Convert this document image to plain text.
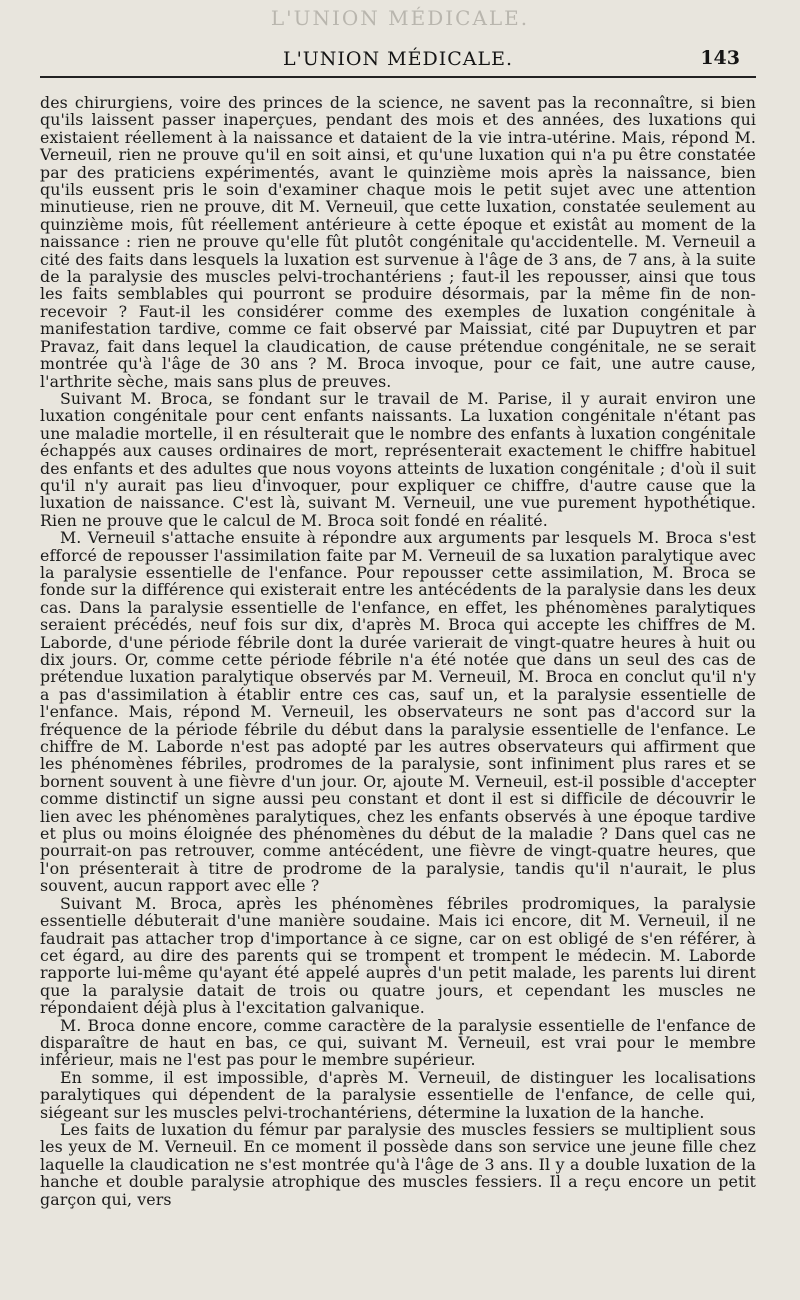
L'UNION MÉDICALE.
L'UNION MÉDICALE.	143

des chirurgiens, voire des princes de la science, ne savent pas la reconnaître, si bien qu'ils laissent passer inaperçues, pendant des mois et des années, des luxations qui existaient réellement à la naissance et dataient de la vie intra-utérine. Mais, répond M. Verneuil, rien ne prouve qu'il en soit ainsi, et qu'une luxation qui n'a pu être constatée par des praticiens expérimentés, avant le quinzième mois après la naissance, bien qu'ils eussent pris le soin d'examiner chaque mois le petit sujet avec une attention minutieuse, rien ne prouve, dit M. Verneuil, que cette luxation, constatée seulement au quinzième mois, fût réellement antérieure à cette époque et existât au moment de la naissance : rien ne prouve qu'elle fût plutôt congénitale qu'accidentelle. M. Verneuil a cité des faits dans lesquels la luxation est survenue à l'âge de 3 ans, de 7 ans, à la suite de la paralysie des muscles pelvi-trochantériens ; faut-il les repousser, ainsi que tous les faits semblables qui pourront se produire désormais, par la même fin de non-recevoir ? Faut-il les considérer comme des exemples de luxation congénitale à manifestation tardive, comme ce fait observé par Maissiat, cité par Dupuytren et par Pravaz, fait dans lequel la claudication, de cause prétendue congénitale, ne se serait montrée qu'à l'âge de 30 ans ? M. Broca invoque, pour ce fait, une autre cause, l'arthrite sèche, mais sans plus de preuves.

Suivant M. Broca, se fondant sur le travail de M. Parise, il y aurait environ une luxation congénitale pour cent enfants naissants. La luxation congénitale n'étant pas une maladie mortelle, il en résulterait que le nombre des enfants à luxation congénitale échappés aux causes ordinaires de mort, représenterait exactement le chiffre habituel des enfants et des adultes que nous voyons atteints de luxation congénitale ; d'où il suit qu'il n'y aurait pas lieu d'invoquer, pour expliquer ce chiffre, d'autre cause que la luxation de naissance. C'est là, suivant M. Verneuil, une vue purement hypothétique. Rien ne prouve que le calcul de M. Broca soit fondé en réalité.

M. Verneuil s'attache ensuite à répondre aux arguments par lesquels M. Broca s'est efforcé de repousser l'assimilation faite par M. Verneuil de sa luxation paralytique avec la paralysie essentielle de l'enfance. Pour repousser cette assimilation, M. Broca se fonde sur la différence qui existerait entre les antécédents de la paralysie dans les deux cas. Dans la paralysie essentielle de l'enfance, en effet, les phénomènes paralytiques seraient précédés, neuf fois sur dix, d'après M. Broca qui accepte les chiffres de M. Laborde, d'une période fébrile dont la durée varierait de vingt-quatre heures à huit ou dix jours. Or, comme cette période fébrile n'a été notée que dans un seul des cas de prétendue luxation paralytique observés par M. Verneuil, M. Broca en conclut qu'il n'y a pas d'assimilation à établir entre ces cas, sauf un, et la paralysie essentielle de l'enfance. Mais, répond M. Verneuil, les observateurs ne sont pas d'accord sur la fréquence de la période fébrile du début dans la paralysie essentielle de l'enfance. Le chiffre de M. Laborde n'est pas adopté par les autres observateurs qui affirment que les phénomènes fébriles, prodromes de la paralysie, sont infiniment plus rares et se bornent souvent à une fièvre d'un jour. Or, ajoute M. Verneuil, est-il possible d'accepter comme distinctif un signe aussi peu constant et dont il est si difficile de découvrir le lien avec les phénomènes paralytiques, chez les enfants observés à une époque tardive et plus ou moins éloignée des phénomènes du début de la maladie ? Dans quel cas ne pourrait-on pas retrouver, comme antécédent, une fièvre de vingt-quatre heures, que l'on présenterait à titre de prodrome de la paralysie, tandis qu'il n'aurait, le plus souvent, aucun rapport avec elle ?

Suivant M. Broca, après les phénomènes fébriles prodromiques, la paralysie essentielle débuterait d'une manière soudaine. Mais ici encore, dit M. Verneuil, il ne faudrait pas attacher trop d'importance à ce signe, car on est obligé de s'en référer, à cet égard, au dire des parents qui se trompent et trompent le médecin. M. Laborde rapporte lui-même qu'ayant été appelé auprès d'un petit malade, les parents lui dirent que la paralysie datait de trois ou quatre jours, et cependant les muscles ne répondaient déjà plus à l'excitation galvanique.

M. Broca donne encore, comme caractère de la paralysie essentielle de l'enfance de disparaître de haut en bas, ce qui, suivant M. Verneuil, est vrai pour le membre inférieur, mais ne l'est pas pour le membre supérieur.

En somme, il est impossible, d'après M. Verneuil, de distinguer les localisations paralytiques qui dépendent de la paralysie essentielle de l'enfance, de celle qui, siégeant sur les muscles pelvi-trochantériens, détermine la luxation de la hanche.

Les faits de luxation du fémur par paralysie des muscles fessiers se multiplient sous les yeux de M. Verneuil. En ce moment il possède dans son service une jeune fille chez laquelle la claudication ne s'est montrée qu'à l'âge de 3 ans. Il y a double luxation de la hanche et double paralysie atrophique des muscles fessiers. Il a reçu encore un petit garçon qui, vers
